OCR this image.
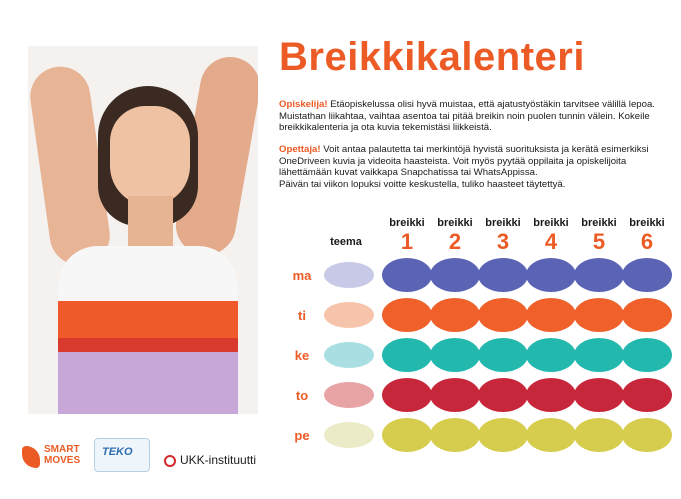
Breikkikalenteri
Opiskelija! Etäopiskelussa olisi hyvä muistaa, että ajatustyöstäkin tarvitsee välillä lepoa. Muistathan liikahtaa, vaihtaa asentoa tai pitää breikin noin puolen tunnin välein. Kokeile breikkikalenteria ja ota kuvia tekemistäsi liikkeistä.
Opettaja! Voit antaa palautetta tai merkintöjä hyvistä suorituksista ja kerätä esimerkiksi OneDriveen kuvia ja videoita haasteista. Voit myös pyytää oppilaita ja opiskelijoita lähettämään kuvat vaikkapa Snapchatissa tai WhatsAppissa.
Päivän tai viikon lopuksi voitte keskustella, tuliko haasteet täytettyä.
teema
breikki
1
breikki
2
breikki
3
breikki
4
breikki
5
breikki
6
ma
ti
ke
to
pe
SMART
MOVES
TEKO
UKK-instituutti
